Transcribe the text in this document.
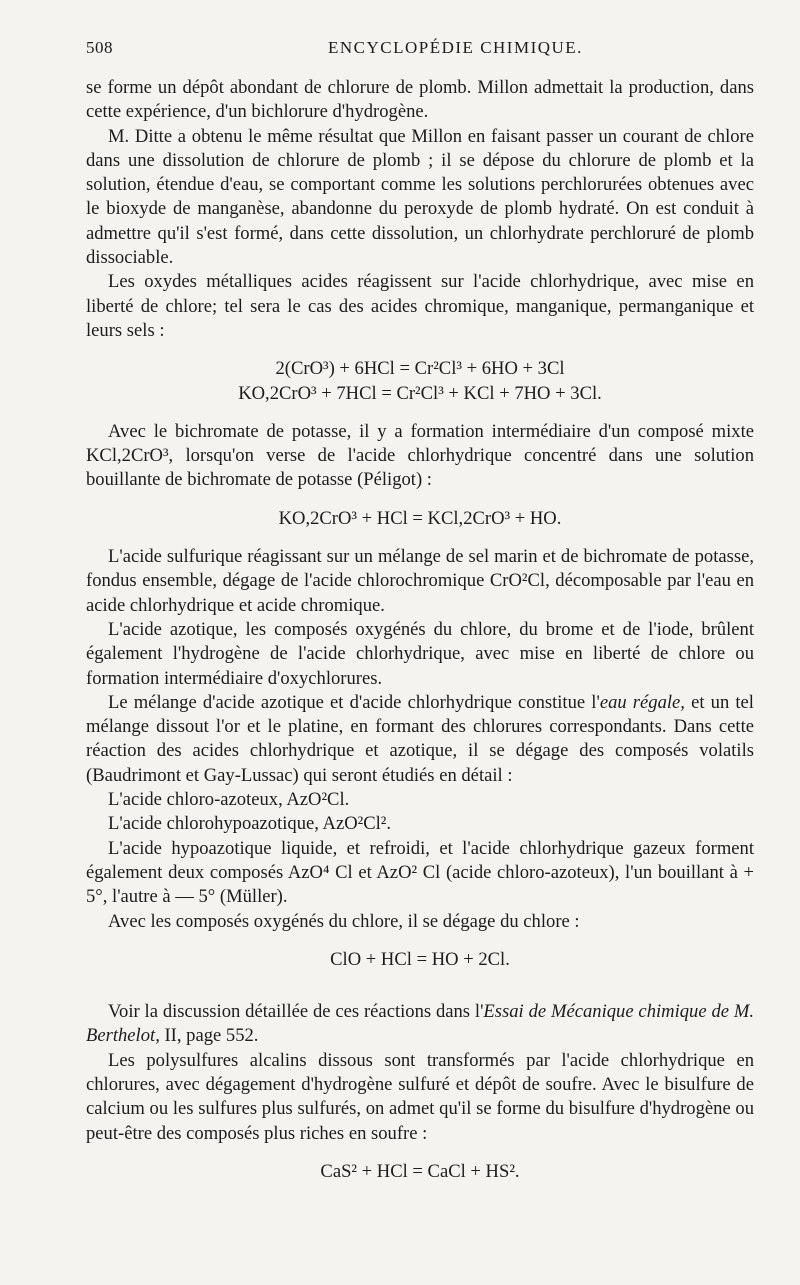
508	ENCYCLOPÉDIE CHIMIQUE.

se forme un dépôt abondant de chlorure de plomb. Millon admettait la production, dans cette expérience, d'un bichlorure d'hydrogène.

M. Ditte a obtenu le même résultat que Millon en faisant passer un courant de chlore dans une dissolution de chlorure de plomb ; il se dépose du chlorure de plomb et la solution, étendue d'eau, se comportant comme les solutions perchlorurées obtenues avec le bioxyde de manganèse, abandonne du peroxyde de plomb hydraté. On est conduit à admettre qu'il s'est formé, dans cette dissolution, un chlorhydrate perchloruré de plomb dissociable.

Les oxydes métalliques acides réagissent sur l'acide chlorhydrique, avec mise en liberté de chlore; tel sera le cas des acides chromique, manganique, permanganique et leurs sels :

2(CrO³) + 6HCl = Cr²Cl³ + 6HO + 3Cl

KO,2CrO³ + 7HCl = Cr²Cl³ + KCl + 7HO + 3Cl.

Avec le bichromate de potasse, il y a formation intermédiaire d'un composé mixte KCl,2CrO³, lorsqu'on verse de l'acide chlorhydrique concentré dans une solution bouillante de bichromate de potasse (Péligot) :

KO,2CrO³ + HCl = KCl,2CrO³ + HO.

L'acide sulfurique réagissant sur un mélange de sel marin et de bichromate de potasse, fondus ensemble, dégage de l'acide chlorochromique CrO²Cl, décomposable par l'eau en acide chlorhydrique et acide chromique.

L'acide azotique, les composés oxygénés du chlore, du brome et de l'iode, brûlent également l'hydrogène de l'acide chlorhydrique, avec mise en liberté de chlore ou formation intermédiaire d'oxychlorures.

Le mélange d'acide azotique et d'acide chlorhydrique constitue l'eau régale, et un tel mélange dissout l'or et le platine, en formant des chlorures correspondants. Dans cette réaction des acides chlorhydrique et azotique, il se dégage des composés volatils (Baudrimont et Gay-Lussac) qui seront étudiés en détail :

L'acide chloro-azoteux, AzO²Cl.

L'acide chlorohypoazotique, AzO²Cl².

L'acide hypoazotique liquide, et refroidi, et l'acide chlorhydrique gazeux forment également deux composés AzO⁴ Cl et AzO² Cl (acide chloro-azoteux), l'un bouillant à + 5°, l'autre à — 5° (Müller).

Avec les composés oxygénés du chlore, il se dégage du chlore :

ClO + HCl = HO + 2Cl.

Voir la discussion détaillée de ces réactions dans l'Essai de Mécanique chimique de M. Berthelot, II, page 552.

Les polysulfures alcalins dissous sont transformés par l'acide chlorhydrique en chlorures, avec dégagement d'hydrogène sulfuré et dépôt de soufre. Avec le bisulfure de calcium ou les sulfures plus sulfurés, on admet qu'il se forme du bisulfure d'hydrogène ou peut-être des composés plus riches en soufre :

CaS² + HCl = CaCl + HS².
